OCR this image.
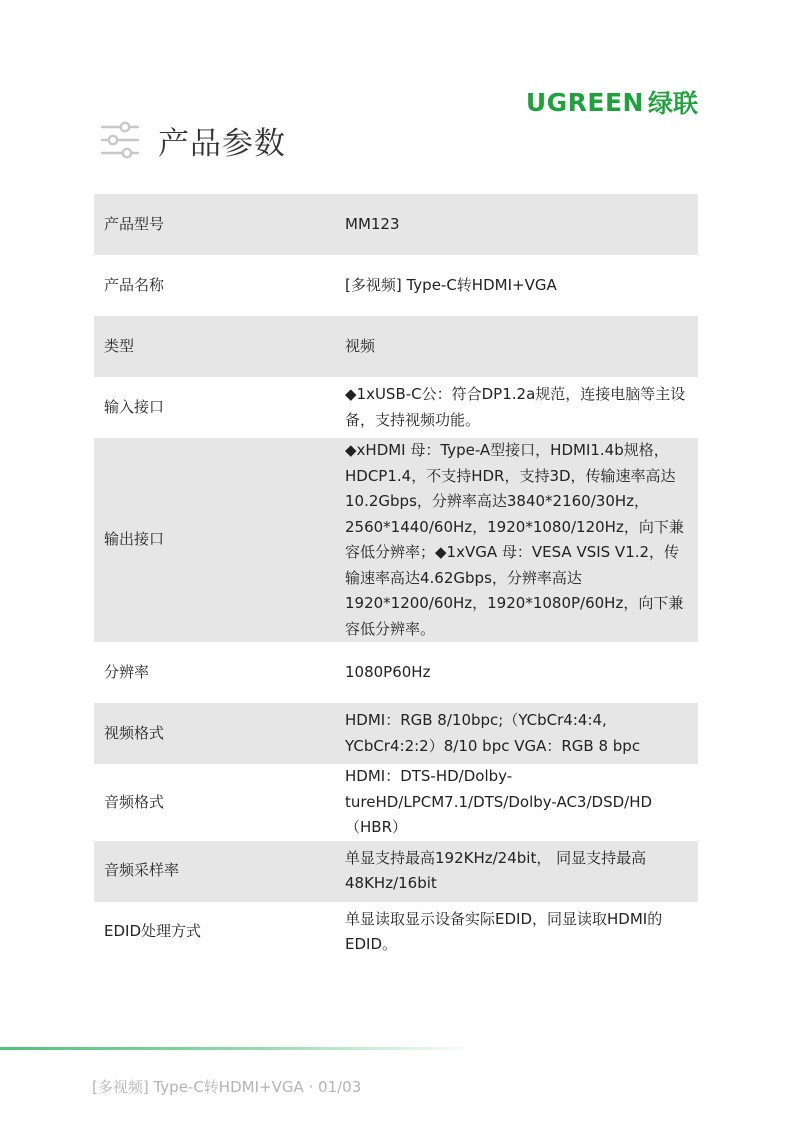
UGREEN 绿联
产品参数
产品型号	MM123
产品名称	[多视频] Type-C转HDMI+VGA
类型	视频
输入接口	◆1xUSB-C公：符合DP1.2a规范，连接电脑等主设备，支持视频功能。
输出接口	◆xHDMI 母：Type-A型接口，HDMI1.4b规格，HDCP1.4，不支持HDR，支持3D，传输速率高达10.2Gbps，分辨率高达3840*2160/30Hz，2560*1440/60Hz，1920*1080/120Hz，向下兼容低分辨率；◆1xVGA 母：VESA VSIS V1.2，传输速率高达4.62Gbps，分辨率高达1920*1200/60Hz，1920*1080P/60Hz，向下兼容低分辨率。
分辨率	1080P60Hz
视频格式	HDMI：RGB 8/10bpc;（YCbCr4:4:4, YCbCr4:2:2）8/10 bpc VGA：RGB 8 bpc
音频格式	HDMI：DTS-HD/Dolby-tureHD/LPCM7.1/DTS/Dolby-AC3/DSD/HD（HBR）
音频采样率	单显支持最高192KHz/24bit， 同显支持最高48KHz/16bit
EDID处理方式	单显读取显示设备实际EDID，同显读取HDMI的EDID。
[多视频] Type-C转HDMI+VGA · 01/03
